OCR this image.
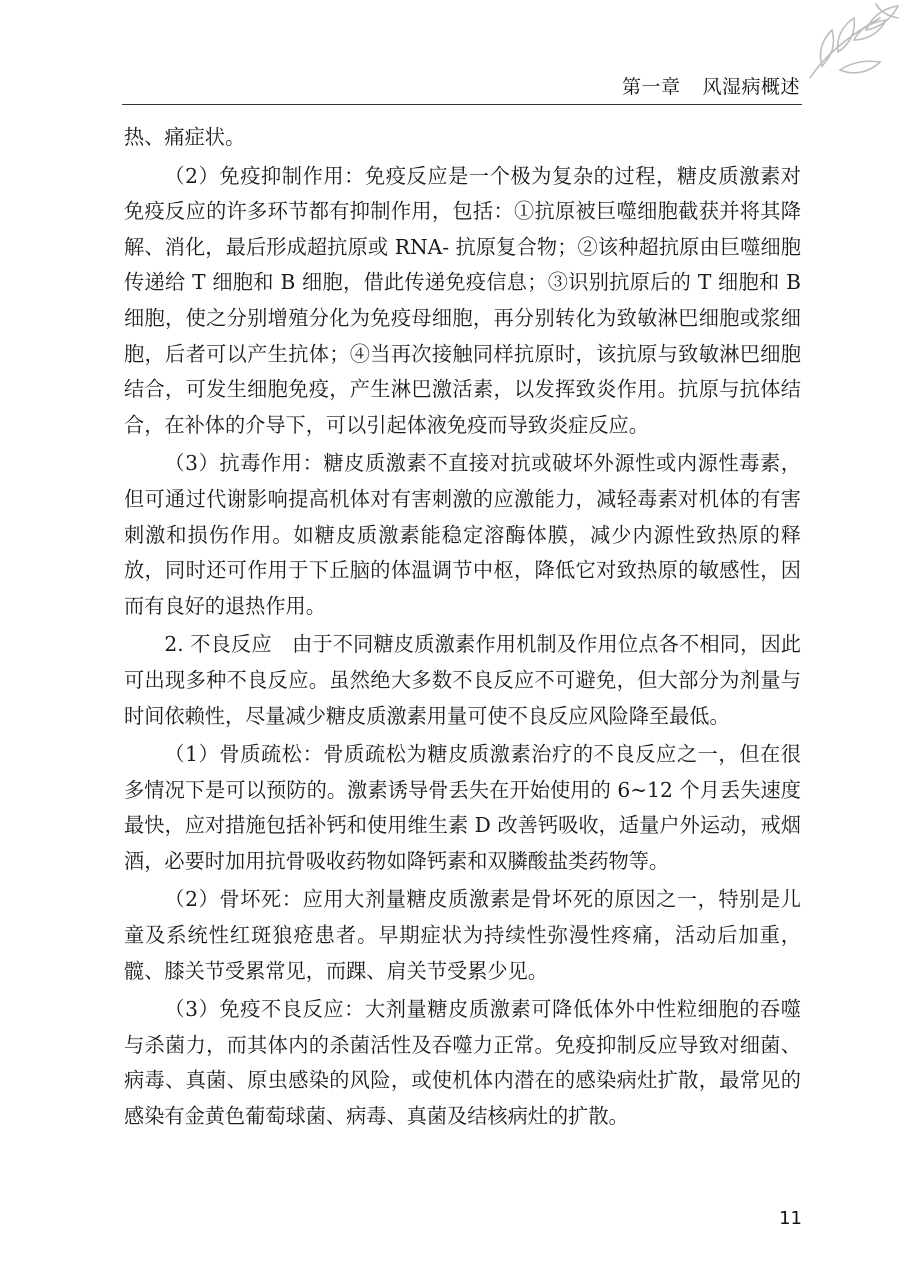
第一章 风湿病概述

热、痛症状。

（2）免疫抑制作用：免疫反应是一个极为复杂的过程，糖皮质激素对免疫反应的许多环节都有抑制作用，包括：①抗原被巨噬细胞截获并将其降解、消化，最后形成超抗原或 RNA- 抗原复合物；②该种超抗原由巨噬细胞传递给 T 细胞和 B 细胞，借此传递免疫信息；③识别抗原后的 T 细胞和 B 细胞，使之分别增殖分化为免疫母细胞，再分别转化为致敏淋巴细胞或浆细胞，后者可以产生抗体；④当再次接触同样抗原时，该抗原与致敏淋巴细胞结合，可发生细胞免疫，产生淋巴激活素，以发挥致炎作用。抗原与抗体结合，在补体的介导下，可以引起体液免疫而导致炎症反应。

（3）抗毒作用：糖皮质激素不直接对抗或破坏外源性或内源性毒素，但可通过代谢影响提高机体对有害刺激的应激能力，减轻毒素对机体的有害刺激和损伤作用。如糖皮质激素能稳定溶酶体膜，减少内源性致热原的释放，同时还可作用于下丘脑的体温调节中枢，降低它对致热原的敏感性，因而有良好的退热作用。

2. 不良反应　由于不同糖皮质激素作用机制及作用位点各不相同，因此可出现多种不良反应。虽然绝大多数不良反应不可避免，但大部分为剂量与时间依赖性，尽量减少糖皮质激素用量可使不良反应风险降至最低。

（1）骨质疏松：骨质疏松为糖皮质激素治疗的不良反应之一，但在很多情况下是可以预防的。激素诱导骨丢失在开始使用的 6~12 个月丢失速度最快，应对措施包括补钙和使用维生素 D 改善钙吸收，适量户外运动，戒烟酒，必要时加用抗骨吸收药物如降钙素和双膦酸盐类药物等。

（2）骨坏死：应用大剂量糖皮质激素是骨坏死的原因之一，特别是儿童及系统性红斑狼疮患者。早期症状为持续性弥漫性疼痛，活动后加重，髋、膝关节受累常见，而踝、肩关节受累少见。

（3）免疫不良反应：大剂量糖皮质激素可降低体外中性粒细胞的吞噬与杀菌力，而其体内的杀菌活性及吞噬力正常。免疫抑制反应导致对细菌、病毒、真菌、原虫感染的风险，或使机体内潜在的感染病灶扩散，最常见的感染有金黄色葡萄球菌、病毒、真菌及结核病灶的扩散。

11
